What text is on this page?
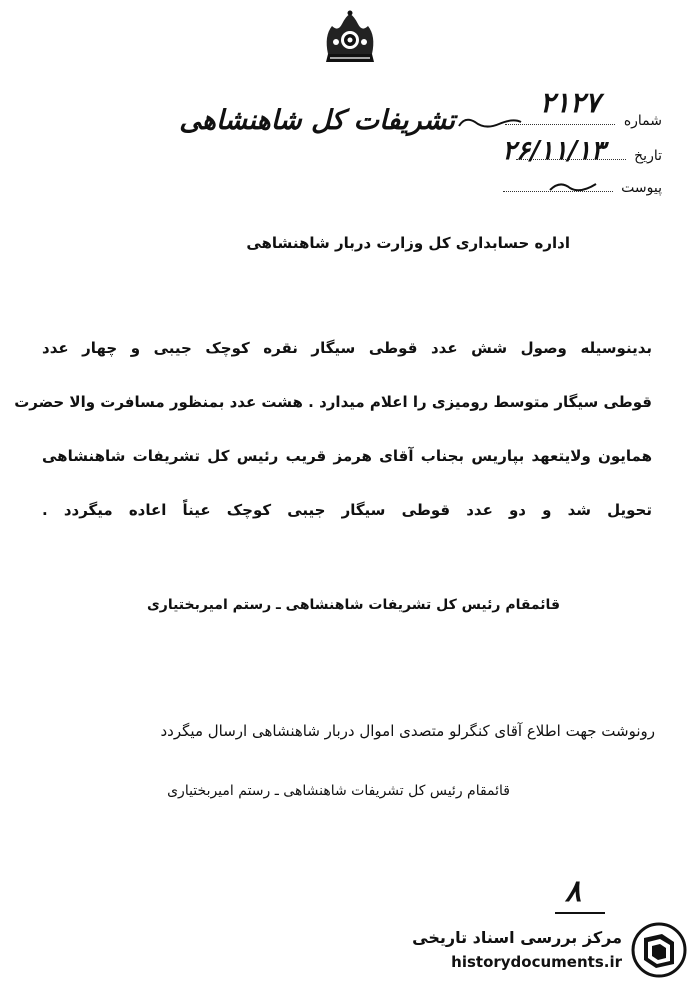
تشریفات کل شاهنشاهی	شماره
تاریخ
پیوست
۲۱۲۷
۲۶/۱۱/۱۳
اداره حسابداری کل وزارت دربار شاهنشاهی
بدینوسیله وصول شش عدد قوطی سیگار نقره کوچک جیبی و چهار عدد
قوطی سیگار متوسط رومیزی را اعلام میدارد . هشت عدد بمنظور مسافرت والا حضرت
همایون ولایتعهد بپاریس بجناب آقای هرمز قریب رئیس کل تشریفات شاهنشاهی
تحویل شد و دو عدد قوطی سیگار جیبی کوچک عیناً اعاده میگردد .
قائمقام رئیس کل تشریفات شاهنشاهی ـ رستم امیربختیاری
رونوشت جهت اطلاع آقای کنگرلو متصدی اموال دربار شاهنشاهی ارسال میگردد
قائمقام رئیس کل تشریفات شاهنشاهی ـ رستم امیربختیاری
۸
مرکز بررسی اسناد تاریخی
historydocuments.ir
